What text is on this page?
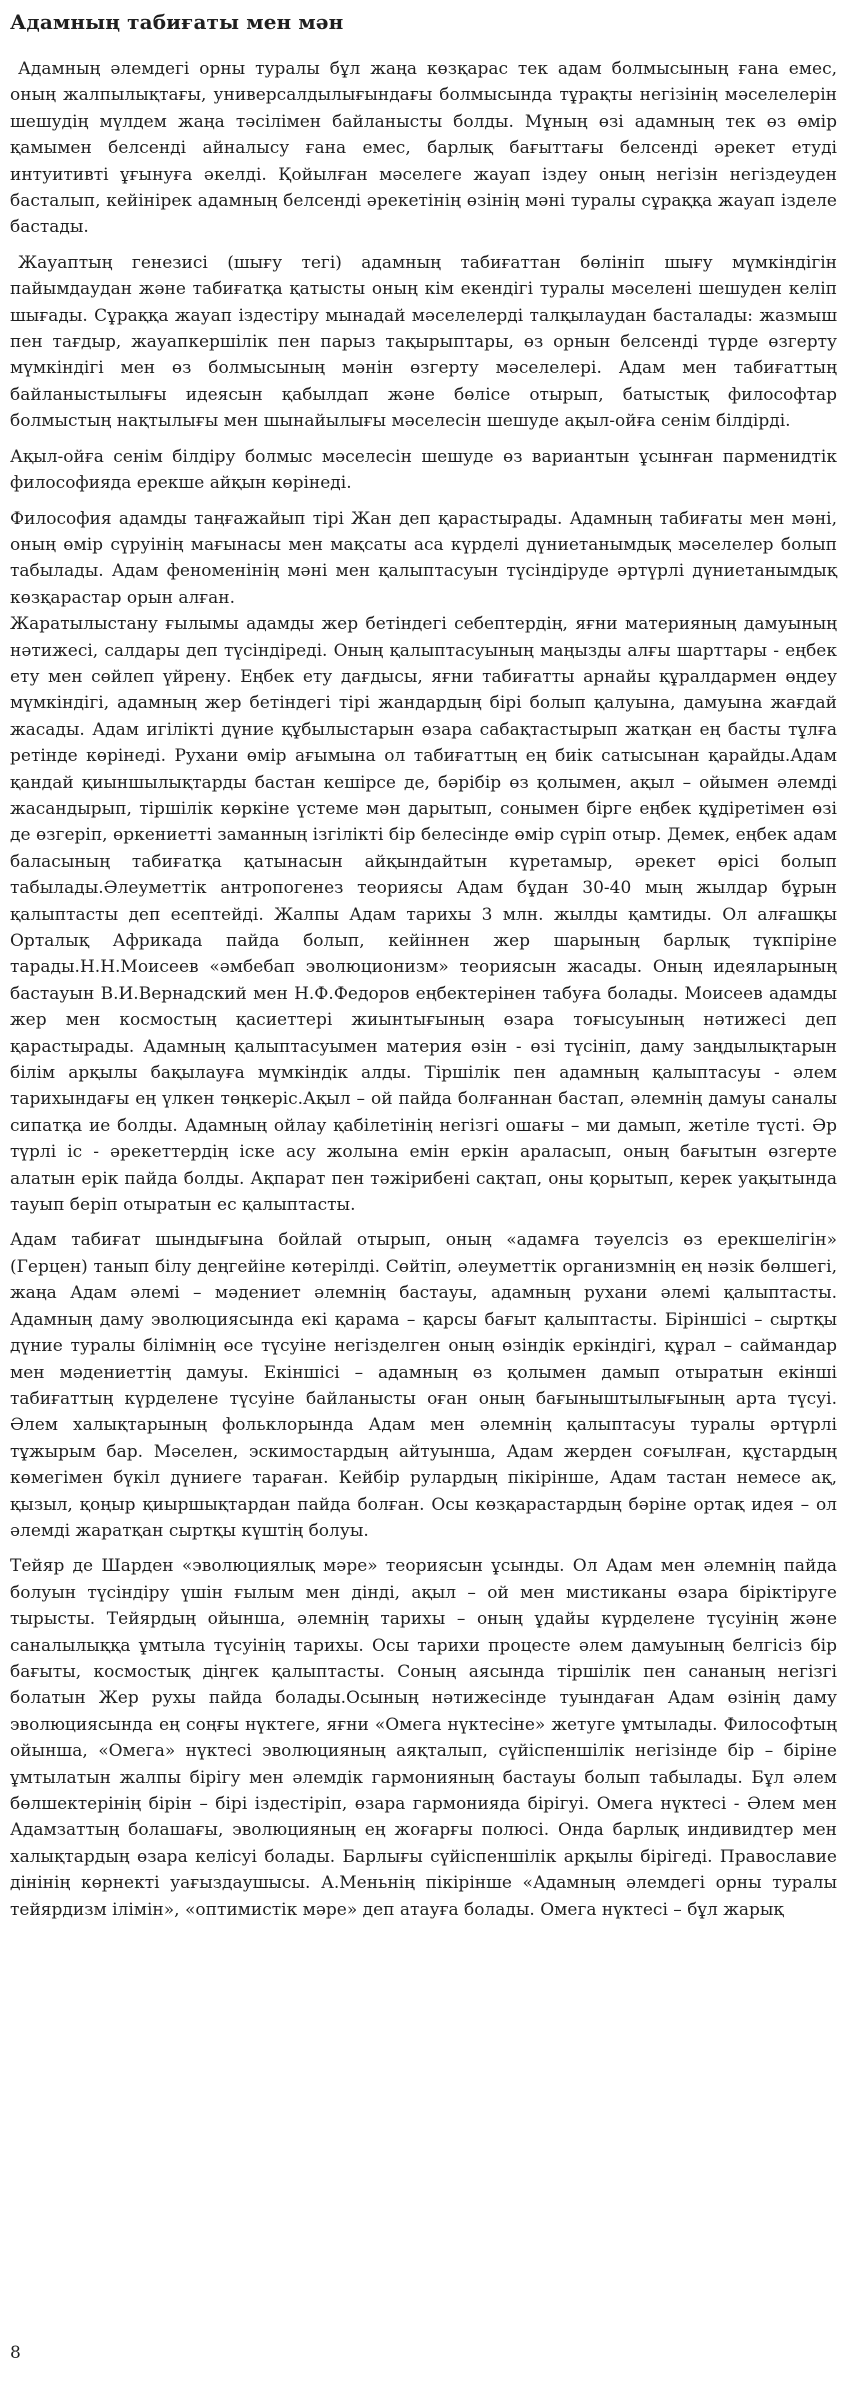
Адамның табиғаты мен мән

Адамның әлемдегі орны туралы бұл жаңа көзқарас тек адам болмысының ғана емес, оның жалпылықтағы, универсалдылығындағы болмысында тұрақты негізінің мәселелерін шешудің мүлдем жаңа тәсілімен байланысты болды. Мұның өзі адамның тек өз өмір қамымен белсенді айналысу ғана емес, барлық бағыттағы белсенді әрекет етуді интуитивті ұғынуға әкелді. Қойылған мәселеге жауап іздеу оның негізін негіздеуден басталып, кейінірек адамның белсенді әрекетінің өзінің мәні туралы сұраққа жауап ізделе бастады.

Жауаптың генезисі (шығу тегі) адамның табиғаттан бөлініп шығу мүмкіндігін пайымдаудан және табиғатқа қатысты оның кім екендігі туралы мәселені шешуден келіп шығады. Сұраққа жауап іздестіру мынадай мәселелерді талқылаудан басталады: жазмыш пен тағдыр, жауапкершілік пен парыз тақырыптары, өз орнын белсенді түрде өзгерту мүмкіндігі мен өз болмысының мәнін өзгерту мәселелері. Адам мен табиғаттың байланыстылығы идеясын қабылдап және бөлісе отырып, батыстық философтар болмыстың нақтылығы мен шынайылығы мәселесін шешуде ақыл-ойға сенім білдірді.

Ақыл-ойға сенім білдіру болмыс мәселесін шешуде өз вариантын ұсынған парменидтік философияда ерекше айқын көрінеді.

Философия адамды таңғажайып тірі Жан деп қарастырады. Адамның табиғаты мен мәні, оның өмір сүруінің мағынасы мен мақсаты аса күрделі дүниетанымдық мәселелер болып табылады. Адам феноменінің мәні мен қалыптасуын түсіндіруде әртүрлі дүниетанымдық көзқарастар орын алған.

Жаратылыстану ғылымы адамды жер бетіндегі себептердің, яғни материяның дамуының нәтижесі, салдары деп түсіндіреді. Оның қалыптасуының маңызды алғы шарттары - еңбек ету мен сөйлеп үйрену. Еңбек ету дағдысы, яғни табиғатты арнайы құралдармен өңдеу мүмкіндігі, адамның жер бетіндегі тірі жандардың бірі болып қалуына, дамуына жағдай жасады. Адам игілікті дүние құбылыстарын өзара сабақтастырып жатқан ең басты тұлға ретінде көрінеді. Рухани өмір ағымына ол табиғаттың ең биік сатысынан қарайды.Адам қандай қиыншылықтарды бастан кешірсе де, бәрібір өз қолымен, ақыл – ойымен әлемді жасандырып, тіршілік көркіне үстеме мән дарытып, сонымен бірге еңбек құдіретімен өзі де өзгеріп, өркениетті заманның ізгілікті бір белесінде өмір сүріп отыр. Демек, еңбек адам баласының табиғатқа қатынасын айқындайтын күретамыр, әрекет өрісі болып табылады.Әлеуметтік антропогенез теориясы Адам бұдан 30-40 мың жылдар бұрын қалыптасты деп есептейді. Жалпы Адам тарихы 3 млн. жылды қамтиды. Ол алғашқы Орталық Африкада пайда болып, кейіннен жер шарының барлық түкпіріне тарады.Н.Н.Моисеев «әмбебап эволюционизм» теориясын жасады. Оның идеяларының бастауын В.И.Вернадский мен Н.Ф.Федоров еңбектерінен табуға болады. Моисеев адамды жер мен космостың қасиеттері жиынтығының өзара тоғысуының нәтижесі деп қарастырады. Адамның қалыптасуымен материя өзін - өзі түсініп, даму заңдылықтарын білім арқылы бақылауға мүмкіндік алды. Тіршілік пен адамның қалыптасуы - әлем тарихындағы ең үлкен төңкеріс.Ақыл – ой пайда болғаннан бастап, әлемнің дамуы саналы сипатқа ие болды. Адамның ойлау қабілетінің негізгі ошағы – ми дамып, жетіле түсті. Әр түрлі іс - әрекеттердің іске асу жолына емін еркін араласып, оның бағытын өзгерте алатын ерік пайда болды. Ақпарат пен тәжірибені сақтап, оны қорытып, керек уақытында тауып беріп отыратын ес қалыптасты.

Адам табиғат шындығына бойлай отырып, оның «адамға тәуелсіз өз ерекшелігін» (Герцен) танып білу деңгейіне көтерілді. Сөйтіп, әлеуметтік организмнің ең нәзік бөлшегі, жаңа Адам әлемі – мәдениет әлемнің бастауы, адамның рухани әлемі қалыптасты. Адамның даму эволюциясында екі қарама – қарсы бағыт қалыптасты. Біріншісі – сыртқы дүние туралы білімнің өсе түсуіне негізделген оның өзіндік еркіндігі, құрал – саймандар мен мәдениеттің дамуы. Екіншісі – адамның өз қолымен дамып отыратын екінші табиғаттың күрделене түсуіне байланысты оған оның бағыныштылығының арта түсуі. Әлем халықтарының фольклорында Адам мен әлемнің қалыптасуы туралы әртүрлі тұжырым бар. Мәселен, эскимостардың айтуынша, Адам жерден соғылған, құстардың көмегімен бүкіл дүниеге тараған. Кейбір рулардың пікірінше, Адам тастан немесе ақ, қызыл, қоңыр қиыршықтардан пайда болған. Осы көзқарастардың бәріне ортақ идея – ол әлемді жаратқан сыртқы күштің болуы.

Тейяр де Шарден «эволюциялық мәре» теориясын ұсынды. Ол Адам мен әлемнің пайда болуын түсіндіру үшін ғылым мен дінді, ақыл – ой мен мистиканы өзара біріктіруге тырысты. Тейярдың ойынша, әлемнің тарихы – оның ұдайы күрделене түсуінің және саналылыққа ұмтыла түсуінің тарихы. Осы тарихи процесте әлем дамуының белгісіз бір бағыты, космостық діңгек қалыптасты. Соның аясында тіршілік пен сананың негізгі болатын Жер рухы пайда болады.Осының нәтижесінде туындаған Адам өзінің даму эволюциясында ең соңғы нүктеге, яғни «Омега нүктесіне» жетуге ұмтылады. Философтың ойынша, «Омега» нүктесі эволюцияның аяқталып, сүйіспеншілік негізінде бір – біріне ұмтылатын жалпы бірігу мен әлемдік гармонияның бастауы болып табылады. Бұл әлем бөлшектерінің бірін – бірі іздестіріп, өзара гармонияда бірігуі. Омега нүктесі - Әлем мен Адамзаттың болашағы, эволюцияның ең жоғарғы полюсі. Онда барлық индивидтер мен халықтардың өзара келісуі болады. Барлығы сүйіспеншілік арқылы бірігеді. Православие дінінің көрнекті уағыздаушысы. А.Меньнің пікірінше «Адамның әлемдегі орны туралы тейярдизм ілімін», «оптимистік мәре» деп атауға болады. Омега нүктесі – бұл жарық

8
